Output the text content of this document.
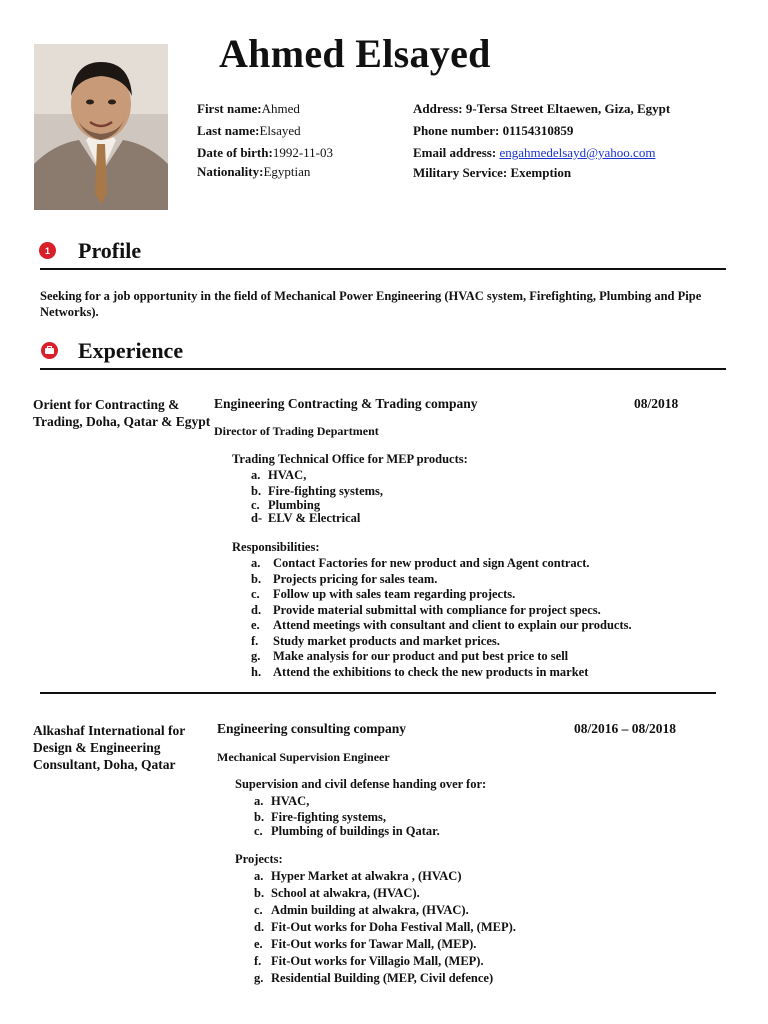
Ahmed Elsayed
First name:Ahmed
Last name:Elsayed
Date of birth:1992-11-03
Nationality:Egyptian
Address: 9-Tersa Street Eltaewen, Giza, Egypt
Phone number: 01154310859
Email address: engahmedelsayd@yahoo.com
Military Service: Exemption
1 Profile
Seeking for a job opportunity in the field of Mechanical Power Engineering (HVAC system, Firefighting, Plumbing and Pipe Networks).
Experience
Orient for Contracting & Trading, Doha, Qatar & Egypt
Engineering Contracting & Trading company	08/2018
Director of Trading Department
Trading Technical Office for MEP products:
a. HVAC,
b. Fire-fighting systems,
c. Plumbing
d- ELV & Electrical
Responsibilities:
a.	Contact Factories for new product and sign Agent contract.
b. Projects pricing for sales team.
c.	Follow up with sales team regarding projects.
d. Provide material submittal with compliance for project specs.
e.	Attend meetings with consultant and client to explain our products.
f.	Study market products and market prices.
g.	Make analysis for our product and put best price to sell
h. Attend the exhibitions to check the new products in market
Alkashaf International for Design & Engineering Consultant, Doha, Qatar
Engineering consulting company	08/2016 – 08/2018
Mechanical Supervision Engineer
Supervision and civil defense handing over for:
a. HVAC,
b. Fire-fighting systems,
c. Plumbing of buildings in Qatar.
Projects:
a. Hyper Market at alwakra , (HVAC)
b. School at alwakra, (HVAC).
c. Admin building at alwakra, (HVAC).
d. Fit-Out works for Doha Festival Mall, (MEP).
e. Fit-Out works for Tawar Mall, (MEP).
f. Fit-Out works for Villagio Mall, (MEP).
g. Residential Building (MEP, Civil defence)
